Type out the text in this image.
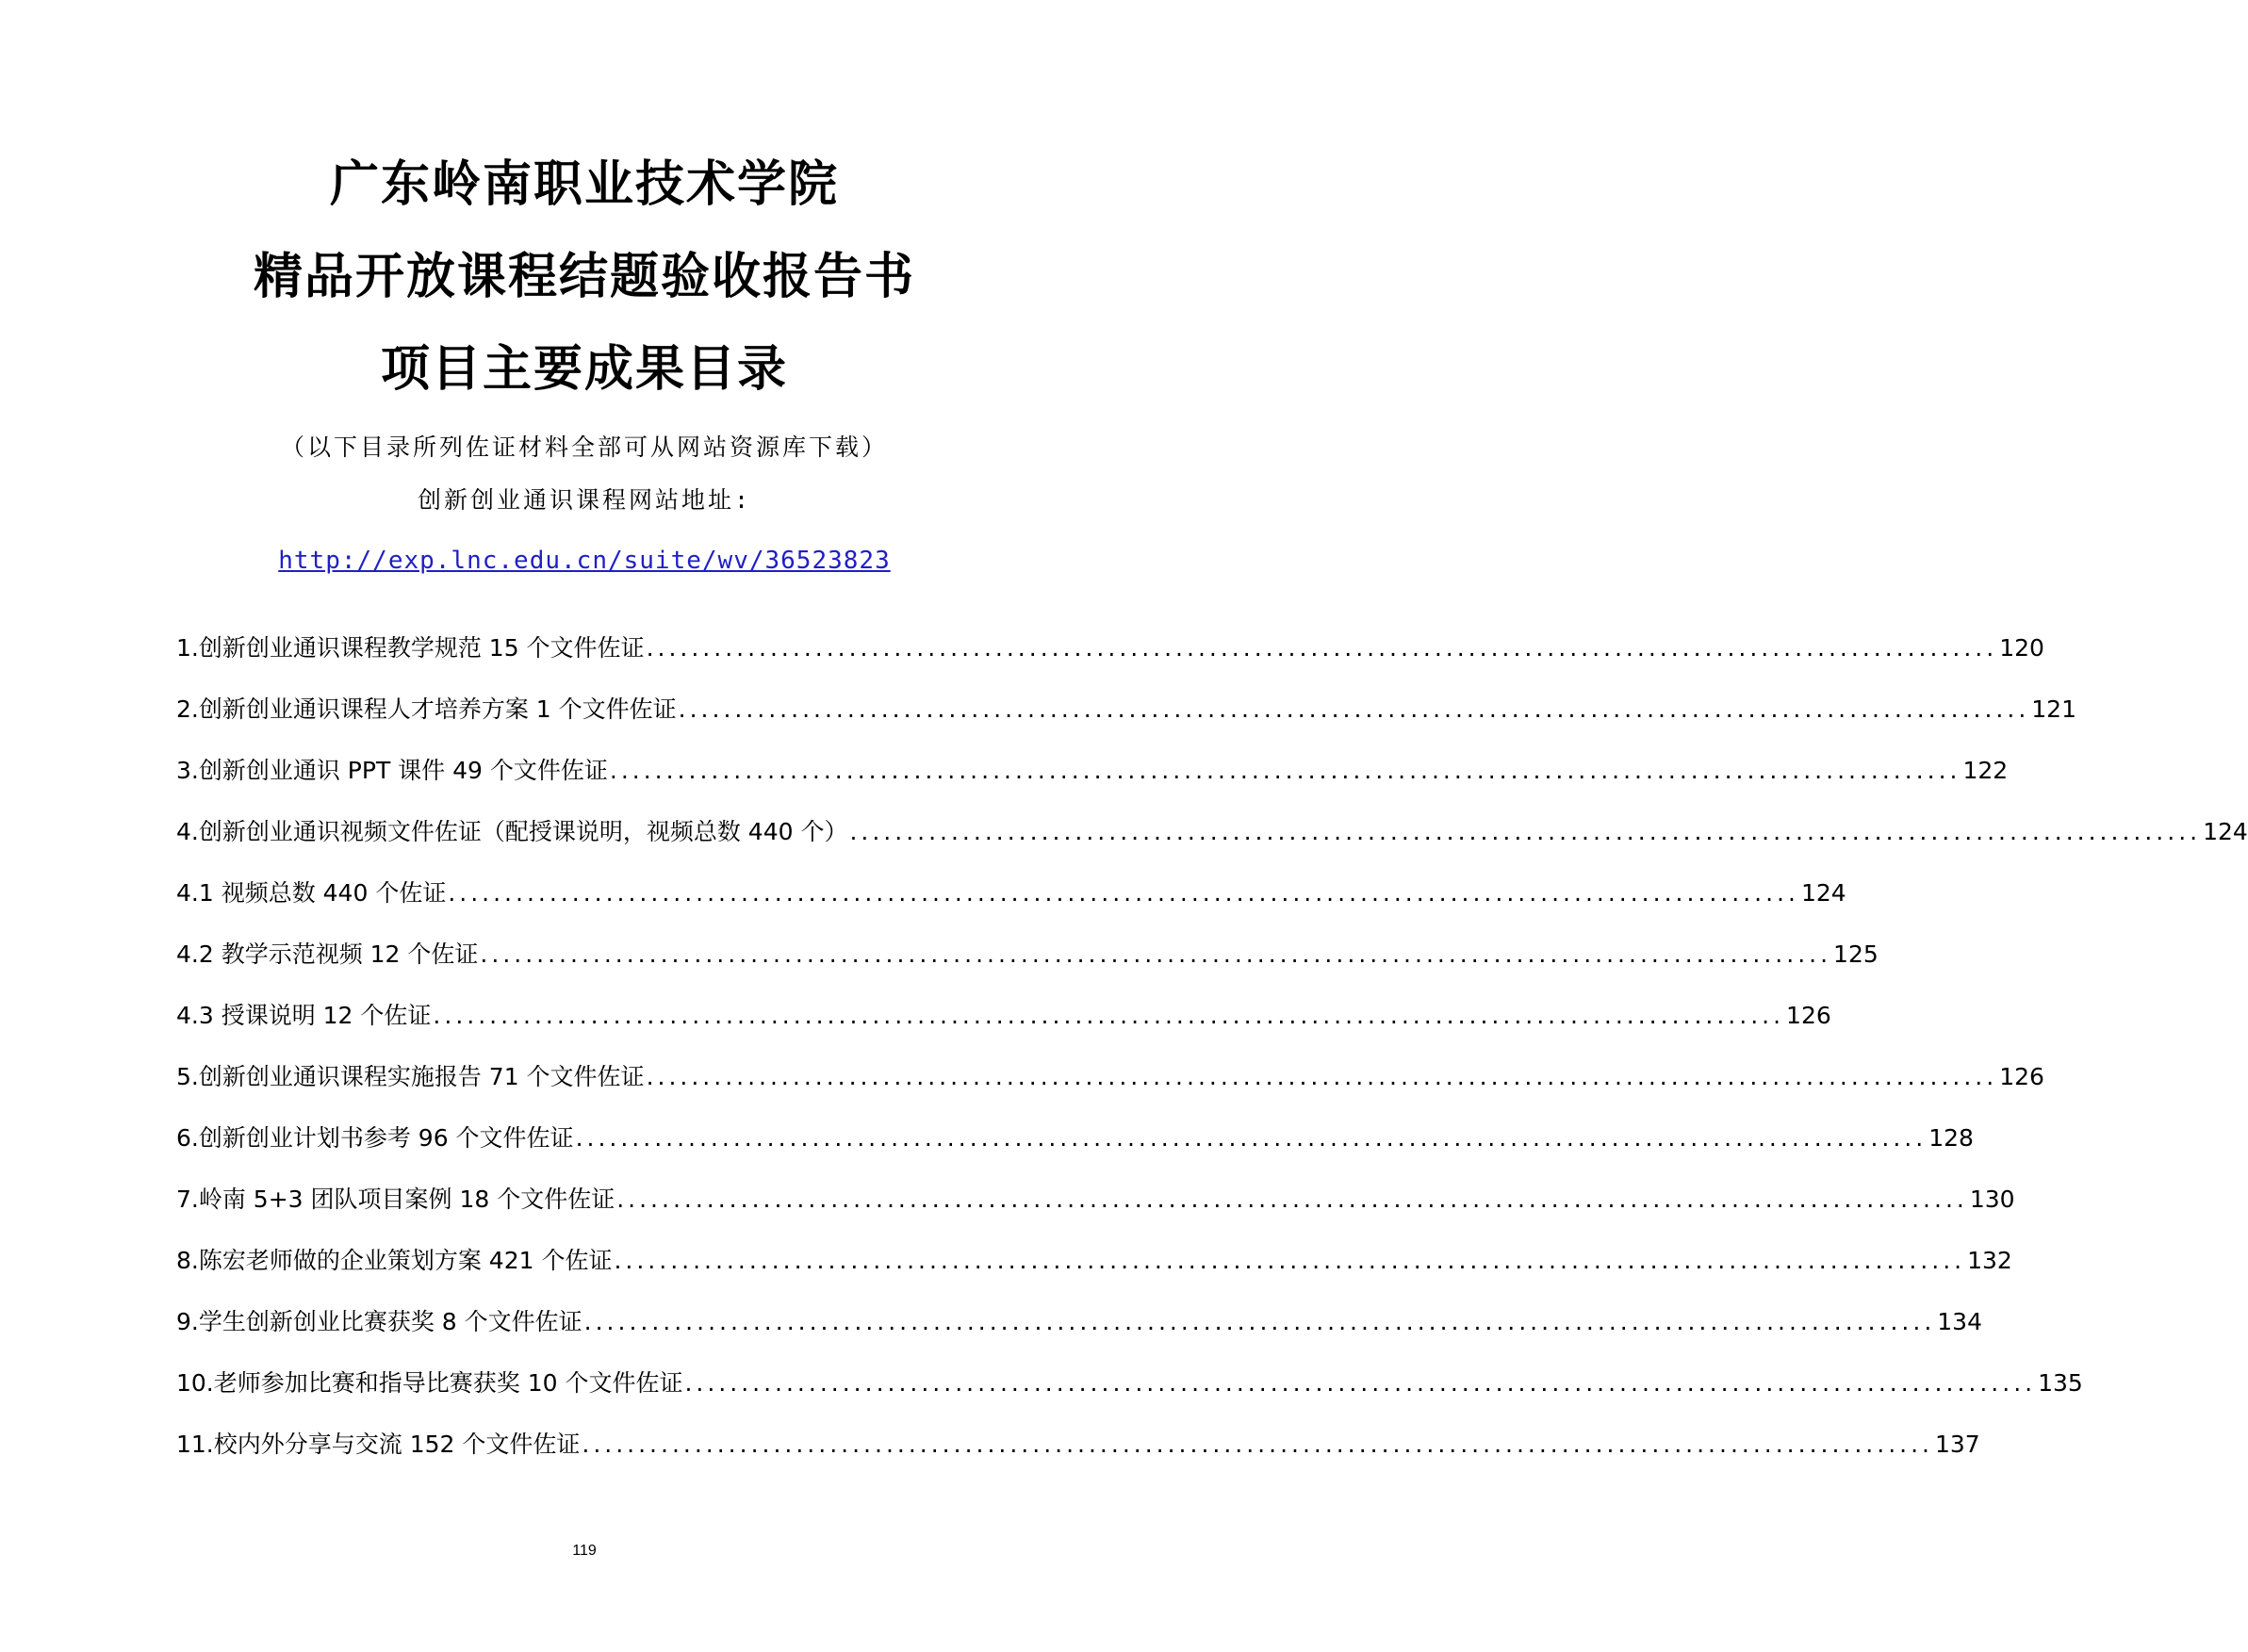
广东岭南职业技术学院
精品开放课程结题验收报告书
项目主要成果目录
（以下目录所列佐证材料全部可从网站资源库下载）
创新创业通识课程网站地址:
http://exp.lnc.edu.cn/suite/wv/36523823
1.创新创业通识课程教学规范 15 个文件佐证 ........................................................................................................................ 120
2.创新创业通识课程人才培养方案 1 个文件佐证 ........................................................................................................................ 121
3.创新创业通识 PPT 课件 49 个文件佐证 ........................................................................................................................ 122
4.创新创业通识视频文件佐证（配授课说明，视频总数 440 个） ........................................................................................................................ 124
4.1 视频总数 440 个佐证 ........................................................................................................................ 124
4.2 教学示范视频 12 个佐证 ........................................................................................................................ 125
4.3 授课说明 12 个佐证 ........................................................................................................................ 126
5.创新创业通识课程实施报告 71 个文件佐证 ........................................................................................................................ 126
6.创新创业计划书参考 96 个文件佐证 ........................................................................................................................ 128
7.岭南 5+3 团队项目案例 18 个文件佐证 ........................................................................................................................ 130
8.陈宏老师做的企业策划方案 421 个佐证 ........................................................................................................................ 132
9.学生创新创业比赛获奖 8 个文件佐证 ........................................................................................................................ 134
10.老师参加比赛和指导比赛获奖 10 个文件佐证 ........................................................................................................................ 135
11.校内外分享与交流 152 个文件佐证 ........................................................................................................................ 137
119
